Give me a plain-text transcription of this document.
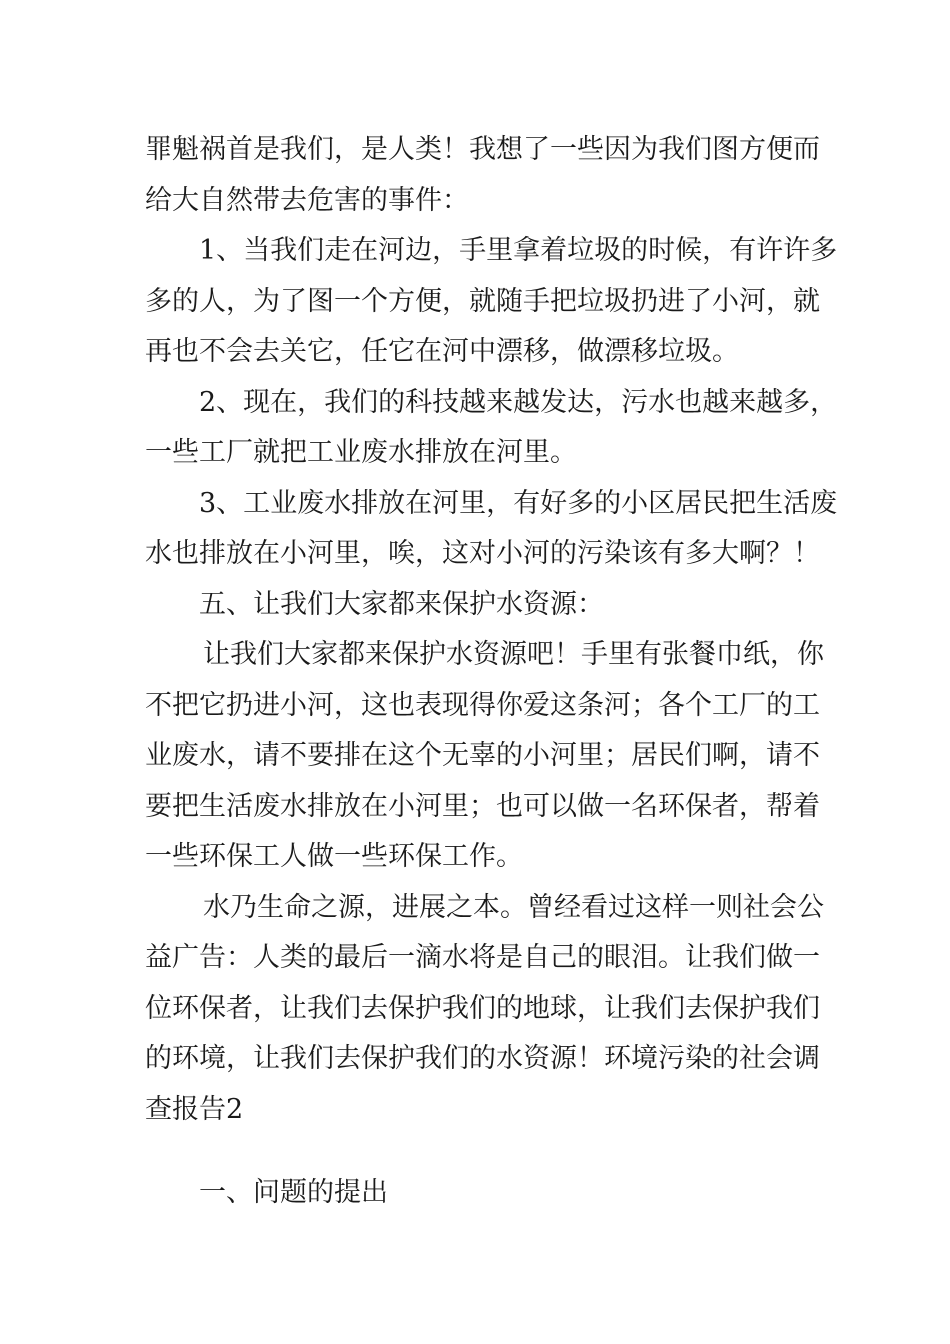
罪魁祸首是我们，是人类！我想了一些因为我们图方便而
给大自然带去危害的事件：
1、当我们走在河边，手里拿着垃圾的时候，有许许多
多的人，为了图一个方便，就随手把垃圾扔进了小河，就
再也不会去关它，任它在河中漂移，做漂移垃圾。
2、现在，我们的科技越来越发达，污水也越来越多，
一些工厂就把工业废水排放在河里。
3、工业废水排放在河里，有好多的小区居民把生活废
水也排放在小河里，唉，这对小河的污染该有多大啊？！
五、让我们大家都来保护水资源：
让我们大家都来保护水资源吧！手里有张餐巾纸，你
不把它扔进小河，这也表现得你爱这条河；各个工厂的工
业废水，请不要排在这个无辜的小河里；居民们啊，请不
要把生活废水排放在小河里；也可以做一名环保者，帮着
一些环保工人做一些环保工作。
水乃生命之源，进展之本。曾经看过这样一则社会公
益广告：人类的最后一滴水将是自己的眼泪。让我们做一
位环保者，让我们去保护我们的地球，让我们去保护我们
的环境，让我们去保护我们的水资源！环境污染的社会调
查报告2
一、问题的提出
